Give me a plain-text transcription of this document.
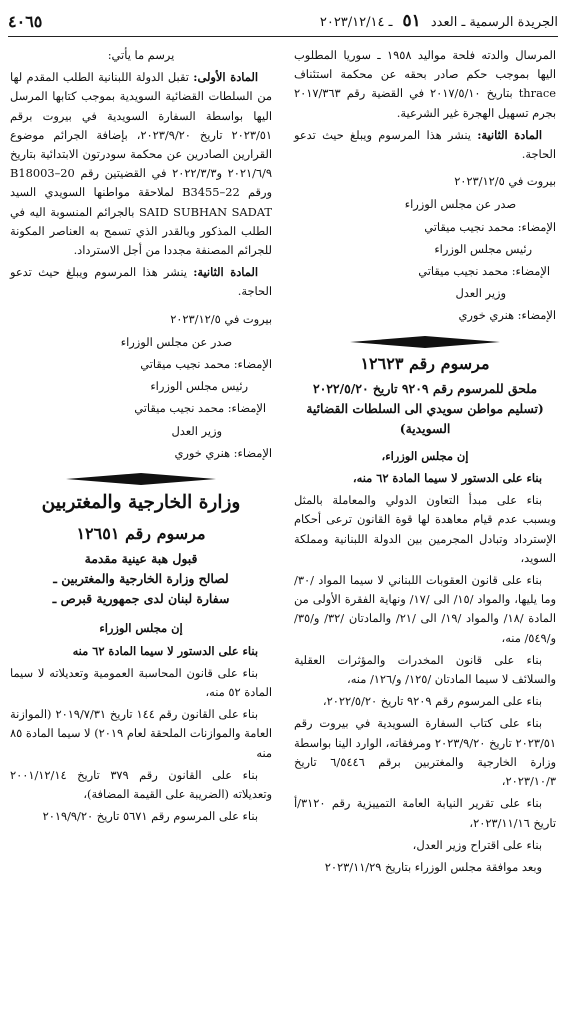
الجريدة الرسمية ـ العدد ٥١ ـ ٢٠٢٣/١٢/١٤
٤٠٦٥

المرسال والدته فلحة مواليد ١٩٥٨ ـ سوريا المطلوب اليها بموجب حكم صادر بحقه عن محكمة استئناف thrace بتاريخ ٢٠١٧/٥/١٠ في القضية رقم ٢٠١٧/٣٦٣ بجرم تسهيل الهجرة غير الشرعية.

المادة الثانية: ينشر هذا المرسوم ويبلغ حيث تدعو الحاجة.

بيروت في ٢٠٢٣/١٢/٥

صدر عن مجلس الوزراء

الإمضاء: محمد نجيب ميقاتي

رئيس مجلس الوزراء

الإمضاء: محمد نجيب ميقاتي

وزير العدل

الإمضاء: هنري خوري

مرسوم رقم ١٢٦٢٣
ملحق للمرسوم رقم ٩٢٠٩ تاريخ ٢٠٢٢/٥/٢٠ (تسليم مواطن سويدي الى السلطات القضائية السويدية)

إن مجلس الوزراء،

بناء على الدستور لا سيما المادة ٦٢ منه،

بناء على مبدأ التعاون الدولي والمعاملة بالمثل وبسبب عدم قيام معاهدة لها قوة القانون ترعى أحكام الإسترداد وتبادل المجرمين بين الدولة اللبنانية ومملكة السويد،

بناء على قانون العقوبات اللبناني لا سيما المواد /٣٠/ وما يليها، والمواد /١٥/ الى /١٧/ ونهاية الفقرة الأولى من المادة /١٨/ والمواد /١٩/ الى /٢١/ والمادتان /٣٢/ و/٣٥/ و/٥٤٩/ منه،

بناء على قانون المخدرات والمؤثرات العقلية والسلائف لا سيما المادتان /١٢٥/ و/١٢٦/ منه،

بناء على المرسوم رقم ٩٢٠٩ تاريخ ٢٠٢٢/٥/٢٠،

بناء على كتاب السفارة السويدية في بيروت رقم ٢٠٢٣/٥١ تاريخ ٢٠٢٣/٩/٢٠ ومرفقاته، الوارد الينا بواسطة وزارة الخارجية والمغتربين برقم ٦/٥٤٤٦ تاريخ ٢٠٢٣/١٠/٣،

بناء على تقرير النيابة العامة التمييزية رقم ٣١٢٠/أ تاريخ ٢٠٢٣/١١/١٦،

بناء على اقتراح وزير العدل،

وبعد موافقة مجلس الوزراء بتاريخ ٢٠٢٣/١١/٢٩

يرسم ما يأتي:

المادة الأولى: تقبل الدولة اللبنانية الطلب المقدم لها من السلطات القضائية السويدية بموجب كتابها المرسل اليها بواسطة السفارة السويدية في بيروت برقم ٢٠٢٣/٥١ تاريخ ٢٠٢٣/٩/٢٠، بإضافة الجرائم موضوع القرارين الصادرين عن محكمة سودرتون الابتدائية بتاريخ ٢٠٢١/٦/٩ و٢٠٢٢/٣/٣ في القضيتين رقم B18003–20 ورقم B3455–22 لملاحقة مواطنها السويدي السيد SAID SUBHAN SADAT بالجرائم المنسوبة اليه في الطلب المذكور وبالقدر الذي تسمح به العناصر المكونة للجرائم المصنفة مجددا من أجل الاسترداد.

المادة الثانية: ينشر هذا المرسوم ويبلغ حيث تدعو الحاجة.

بيروت في ٢٠٢٣/١٢/٥

صدر عن مجلس الوزراء

الإمضاء: محمد نجيب ميقاتي

رئيس مجلس الوزراء

الإمضاء: محمد نجيب ميقاتي

وزير العدل

الإمضاء: هنري خوري

وزارة الخارجية والمغتربين
مرسوم رقم ١٢٦٥١
قبول هبة عينية مقدمة
لصالح وزارة الخارجية والمغتربين ـ
سفارة لبنان لدى جمهورية قبرص ـ

إن مجلس الوزراء

بناء على الدستور لا سيما المادة ٦٢ منه

بناء على قانون المحاسبة العمومية وتعديلاته لا سيما المادة ٥٢ منه،

بناء على القانون رقم ١٤٤ تاريخ ٢٠١٩/٧/٣١ (الموازنة العامة والموازنات الملحقة لعام ٢٠١٩) لا سيما المادة ٨٥ منه

بناء على القانون رقم ٣٧٩ تاريخ ٢٠٠١/١٢/١٤ وتعديلاته (الضريبة على القيمة المضافة)،

بناء على المرسوم رقم ٥٦٧١ تاريخ ٢٠١٩/٩/٢٠
